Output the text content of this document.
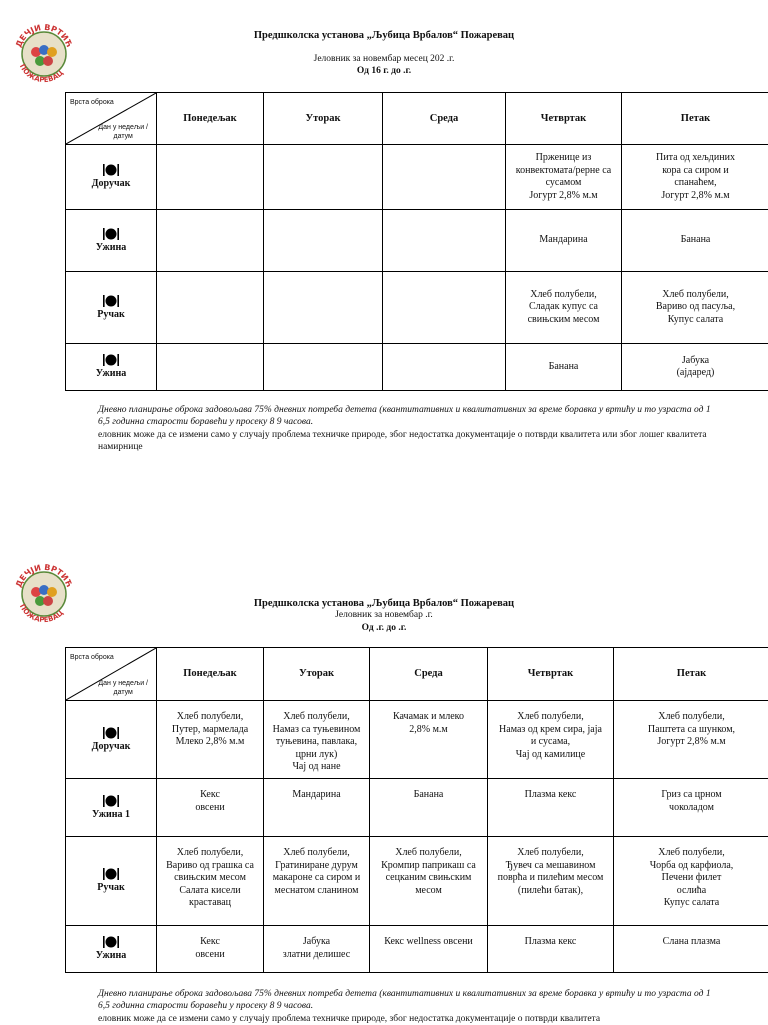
ДЕЧЈИ ВРТИЋ
ПОЖАРЕВАЦ
Предшколска установа „Љубица Врбалов“ Пожаревац
Јеловник за новембар месец 202 .г.
Од 16 г. до .г.
Врста оброка
Дан у недељи /
датум	Понедељак	Уторак	Среда	Четвртак	Петак

Доручак				Прженице из
конвектомата/рерне са
сусамом
Јогурт 2,8% м.м	Пита од хељдиних
кора са сиром и
спанаћем,
Јогурт 2,8% м.м

Ужина				Мандарина	Банана

Ручак				Хлеб полубели,
Сладак купус са
свињским месом	Хлеб полубели,
Вариво од пасуља,
Купус салата

Ужина				Банана	Јабука
(ајдаред)
Дневно планирање оброка задовољава 75% дневних потреба детета (квантитативних и квалитативних за време боравка у вртићу и то узраста од 1 6,5 годинна старости боравећи у просеку 8 9 часова.
еловник може да се измени само у случају проблема техничке природе, због недостатка документације о потврди квалитета или због лошег квалитета намирнице
ДЕЧЈИ ВРТИЋ
ПОЖАРЕВАЦ
Предшколска установа „Љубица Врбалов“ Пожаревац
Јеловник за новембар .г.
Од .г. до .г.
Врста оброка
Дан у недељи /
датум	Понедељак	Уторак	Среда	Четвртак	Петак

Доручак	Хлеб полубели,
Путер, мармелада
Млеко 2,8% м.м	Хлеб полубели,
Намаз са туњевином
туњевина, павлака,
црни лук)
Чај од нане	Качамак и млеко
2,8% м.м	Хлеб полубели,
Намаз од крем сира, јаја
и сусама,
Чај од камилице	Хлеб полубели,
Паштета са шунком,
Јогурт 2,8% м.м

Ужина 1	Кекс
овсени	Мандарина	Банана	Плазма кекс	Гриз са црном
чоколадом

Ручак	Хлеб полубели,
Вариво од грашка са
свињским месом
Салата кисели
краставац	Хлеб полубели,
Гратиниране дурум
макароне са сиром и
меснатом сланином	Хлеб полубели,
Кромпир паприкаш са
сецканим свињским
месом	Хлеб полубели,
Ђувеч са мешавином
поврћа и пилећим месом
(пилећи батак),	Хлеб полубели,
Чорба од карфиола,
Печени филет
ослића
Купус салата

Ужина	Кекс
овсени	Јабука
златни делишес	Кекс wellness овсени	Плазма кекс	Слана плазма
Дневно планирање оброка задовољава 75% дневних потреба детета (квантитативних и квалитативних за време боравка у вртићу и то узраста од 1 6,5 годинна старости боравећи у просеку 8 9 часова.
еловник може да се измени само у случају проблема техничке природе, због недостатка документације о потврди квалитета
